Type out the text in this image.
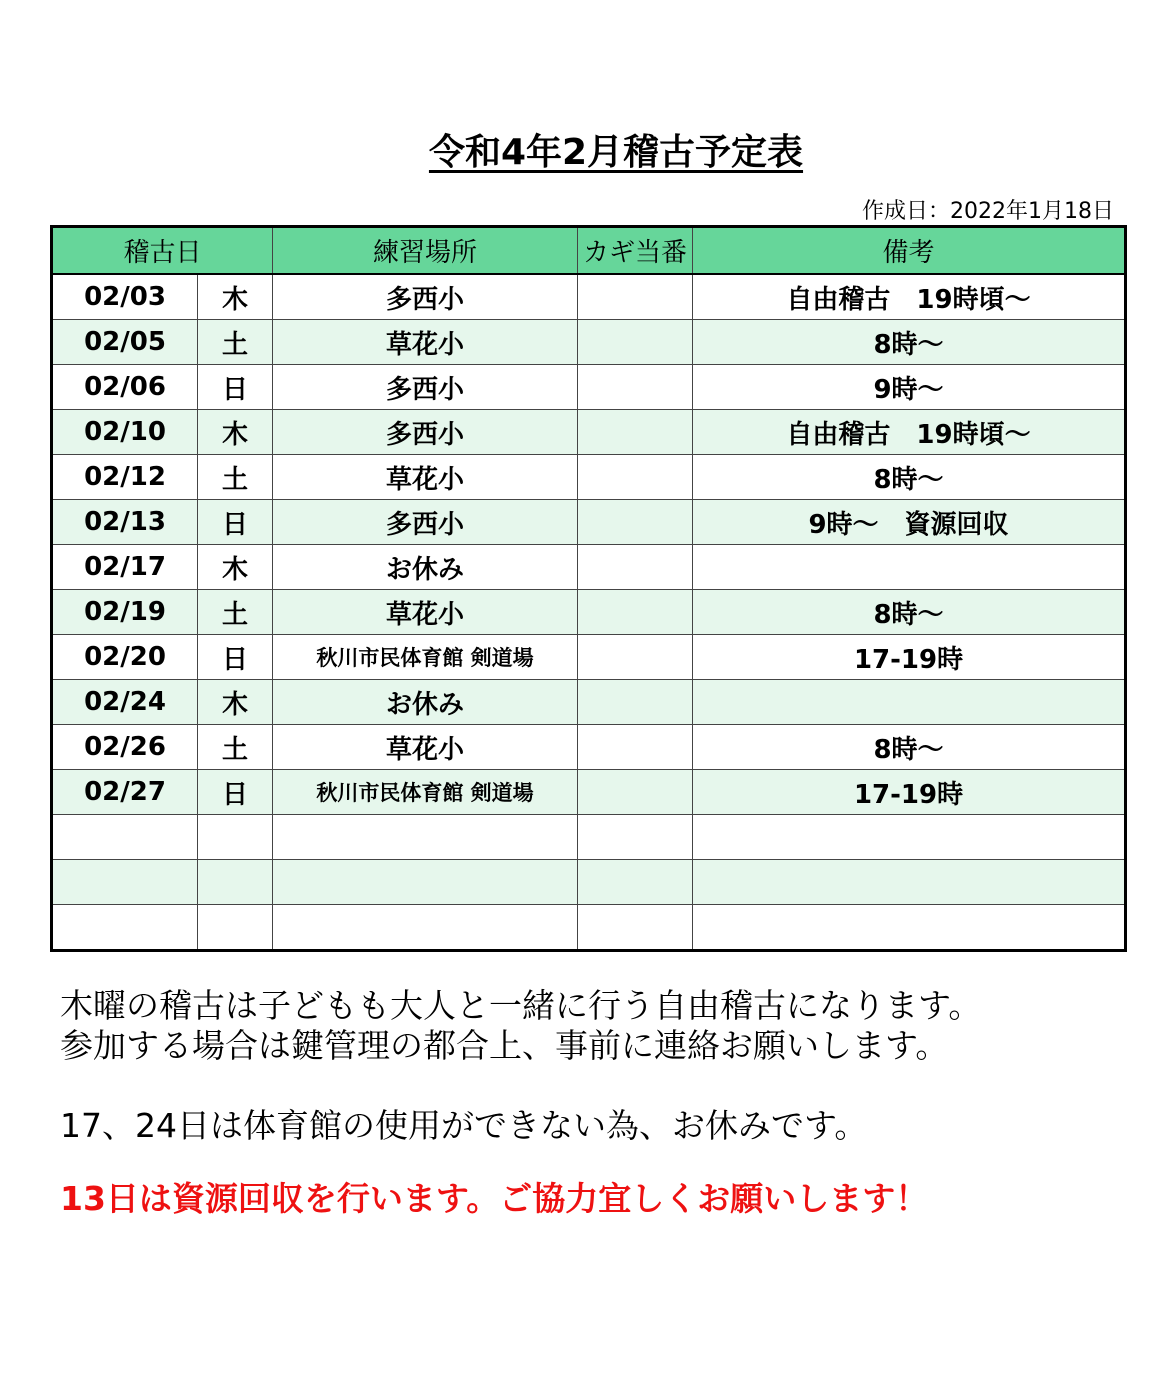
令和4年2月稽古予定表
作成日：2022年1月18日
稽古日		練習場所	カギ当番	備考
02/03	木	多西小		自由稽古　19時頃～
02/05	土	草花小		8時～
02/06	日	多西小		9時～
02/10	木	多西小		自由稽古　19時頃～
02/12	土	草花小		8時～
02/13	日	多西小		9時～　資源回収
02/17	木	お休み		
02/19	土	草花小		8時～
02/20	日	秋川市民体育館 剣道場		17-19時
02/24	木	お休み		
02/26	土	草花小		8時～
02/27	日	秋川市民体育館 剣道場		17-19時

木曜の稽古は子どもも大人と一緒に行う自由稽古になります。

参加する場合は鍵管理の都合上、事前に連絡お願いします。

17、24日は体育館の使用ができない為、お休みです。

13日は資源回収を行います。ご協力宜しくお願いします！
